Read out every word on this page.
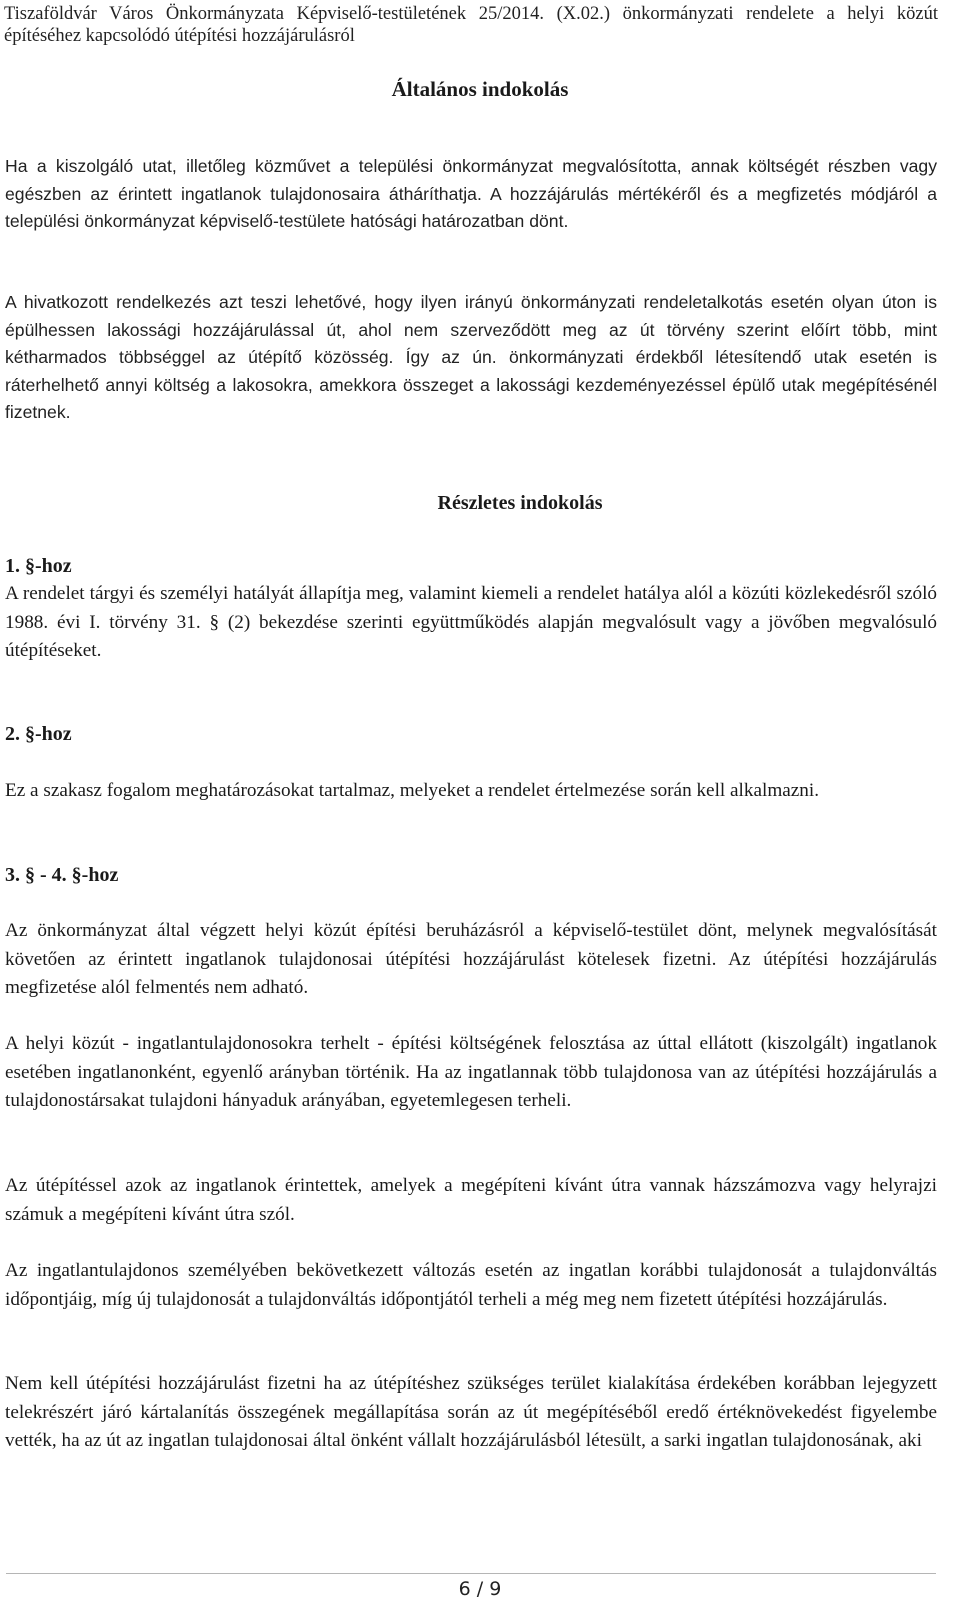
Tiszaföldvár Város Önkormányzata Képviselő-testületének 25/2014. (X.02.) önkormányzati rendelete a helyi közút
építéséhez kapcsolódó útépítési hozzájárulásról
Általános indokolás

Ha a kiszolgáló utat, illetőleg közművet a települési önkormányzat megvalósította, annak költségét részben vagy egészben az érintett ingatlanok tulajdonosaira átháríthatja. A hozzájárulás mértékéről és a megfizetés módjáról a települési önkormányzat képviselő-testülete hatósági határozatban dönt.

A hivatkozott rendelkezés azt teszi lehetővé, hogy ilyen irányú önkormányzati rendeletalkotás esetén olyan úton is épülhessen lakossági hozzájárulással út, ahol nem szerveződött meg az út törvény szerint előírt több, mint kétharmados többséggel az útépítő közösség. Így az ún. önkormányzati érdekből létesítendő utak esetén is ráterhelhető annyi költség a lakosokra, amekkora összeget a lakossági kezdeményezéssel épülő utak megépítésénél fizetnek.

Részletes indokolás
1. §-hoz

A rendelet tárgyi és személyi hatályát állapítja meg, valamint kiemeli a rendelet hatálya alól a közúti közlekedésről szóló 1988. évi I. törvény 31. § (2) bekezdése szerinti együttműködés alapján megvalósult vagy a jövőben megvalósuló útépítéseket.

2. §-hoz

Ez a szakasz fogalom meghatározásokat tartalmaz, melyeket a rendelet értelmezése során kell alkalmazni.

3. § - 4. §-hoz

Az önkormányzat által végzett helyi közút építési beruházásról a képviselő-testület dönt, melynek megvalósítását követően az érintett ingatlanok tulajdonosai útépítési hozzájárulást kötelesek fizetni. Az útépítési hozzájárulás megfizetése alól felmentés nem adható.

A helyi közút - ingatlantulajdonosokra terhelt - építési költségének felosztása az úttal ellátott (kiszolgált) ingatlanok esetében ingatlanonként, egyenlő arányban történik. Ha az ingatlannak több tulajdonosa van az útépítési hozzájárulás a tulajdonostársakat tulajdoni hányaduk arányában, egyetemlegesen terheli.

Az útépítéssel azok az ingatlanok érintettek, amelyek a megépíteni kívánt útra vannak házszámozva vagy helyrajzi számuk a megépíteni kívánt útra szól.

Az ingatlantulajdonos személyében bekövetkezett változás esetén az ingatlan korábbi tulajdonosát a tulajdonváltás időpontjáig, míg új tulajdonosát a tulajdonváltás időpontjától terheli a még meg nem fizetett útépítési hozzájárulás.

Nem kell útépítési hozzájárulást fizetni ha az útépítéshez szükséges terület kialakítása érdekében korábban lejegyzett telekrészért járó kártalanítás összegének megállapítása során az út megépítéséből eredő értéknövekedést figyelembe vették, ha az út az ingatlan tulajdonosai által önként vállalt hozzájárulásból létesült, a sarki ingatlan tulajdonosának, aki

6 / 9
